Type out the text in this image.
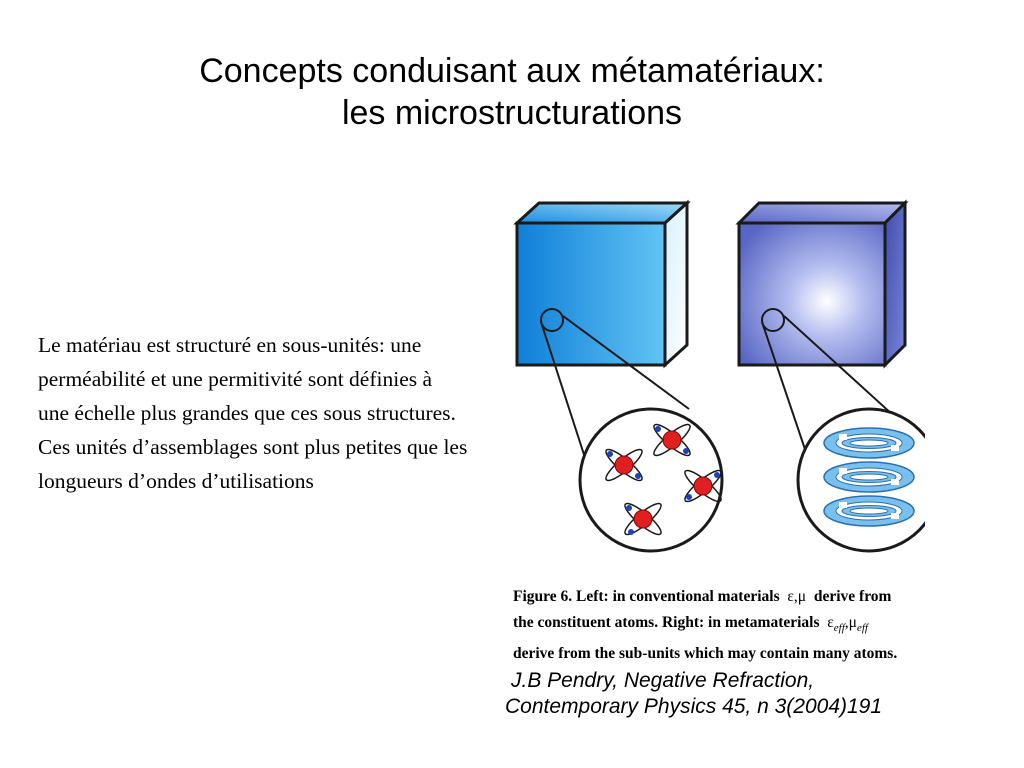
Concepts conduisant aux métamatériaux:
les microstructurations
Le matériau est structuré en sous-unités: une perméabilité et une permitivité sont définies à une échelle plus grandes que ces sous structures. Ces unités d’assemblages sont plus petites que les longueurs d’ondes d’utilisations
Figure 6. Left: in conventional materials ε,μ derive from
the constituent atoms. Right: in metamaterials $\varepsilon_{eff},\mu_{eff}$
derive from the sub-units which may contain many atoms.
J.B Pendry, Negative Refraction,
Contemporary Physics 45, n 3(2004)191
